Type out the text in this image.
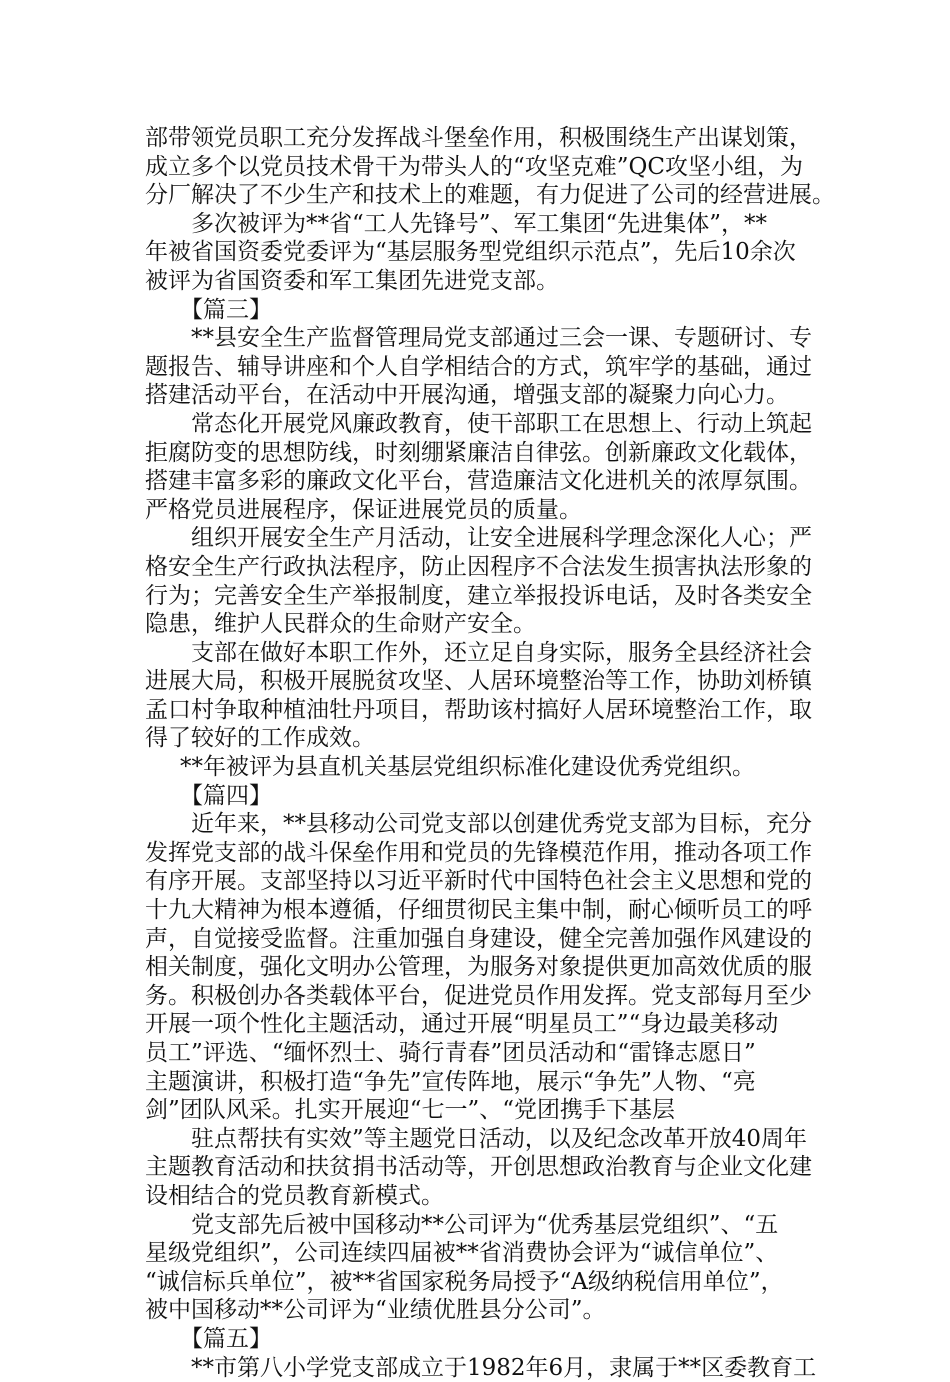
部带领党员职工充分发挥战斗堡垒作用，积极围绕生产出谋划策，
成立多个以党员技术骨干为带头人的“攻坚克难”QC攻坚小组，为
分厂解决了不少生产和技术上的难题，有力促进了公司的经营进展。
多次被评为**省“工人先锋号”、军工集团“先进集体”，**
年被省国资委党委评为“基层服务型党组织示范点”，先后10余次
被评为省国资委和军工集团先进党支部。
【篇三】
**县安全生产监督管理局党支部通过三会一课、专题研讨、专
题报告、辅导讲座和个人自学相结合的方式，筑牢学的基础，通过
搭建活动平台，在活动中开展沟通，增强支部的凝聚力向心力。
常态化开展党风廉政教育，使干部职工在思想上、行动上筑起
拒腐防变的思想防线，时刻绷紧廉洁自律弦。创新廉政文化载体，
搭建丰富多彩的廉政文化平台，营造廉洁文化进机关的浓厚氛围。
严格党员进展程序，保证进展党员的质量。
组织开展安全生产月活动，让安全进展科学理念深化人心；严
格安全生产行政执法程序，防止因程序不合法发生损害执法形象的
行为；完善安全生产举报制度，建立举报投诉电话，及时各类安全
隐患，维护人民群众的生命财产安全。
支部在做好本职工作外，还立足自身实际，服务全县经济社会
进展大局，积极开展脱贫攻坚、人居环境整治等工作，协助刘桥镇
孟口村争取种植油牡丹项目，帮助该村搞好人居环境整治工作，取
得了较好的工作成效。
**年被评为县直机关基层党组织标准化建设优秀党组织。
【篇四】
近年来，**县移动公司党支部以创建优秀党支部为目标，充分
发挥党支部的战斗保垒作用和党员的先锋模范作用，推动各项工作
有序开展。支部坚持以习近平新时代中国特色社会主义思想和党的
十九大精神为根本遵循，仔细贯彻民主集中制，耐心倾听员工的呼
声，自觉接受监督。注重加强自身建设，健全完善加强作风建设的
相关制度，强化文明办公管理，为服务对象提供更加高效优质的服
务。积极创办各类载体平台，促进党员作用发挥。党支部每月至少
开展一项个性化主题活动，通过开展“明星员工”“身边最美移动
员工”评选、“缅怀烈士、骑行青春”团员活动和“雷锋志愿日”
主题演讲，积极打造“争先”宣传阵地，展示“争先”人物、“亮
剑”团队风采。扎实开展迎“七一”、“党团携手下基层
驻点帮扶有实效”等主题党日活动，以及纪念改革开放40周年
主题教育活动和扶贫捐书活动等，开创思想政治教育与企业文化建
设相结合的党员教育新模式。
党支部先后被中国移动**公司评为“优秀基层党组织”、“五
星级党组织”，公司连续四届被**省消费协会评为“诚信单位”、
“诚信标兵单位”，被**省国家税务局授予“A级纳税信用单位”，
被中国移动**公司评为“业绩优胜县分公司”。
【篇五】
**市第八小学党支部成立于1982年6月，隶属于**区委教育工
